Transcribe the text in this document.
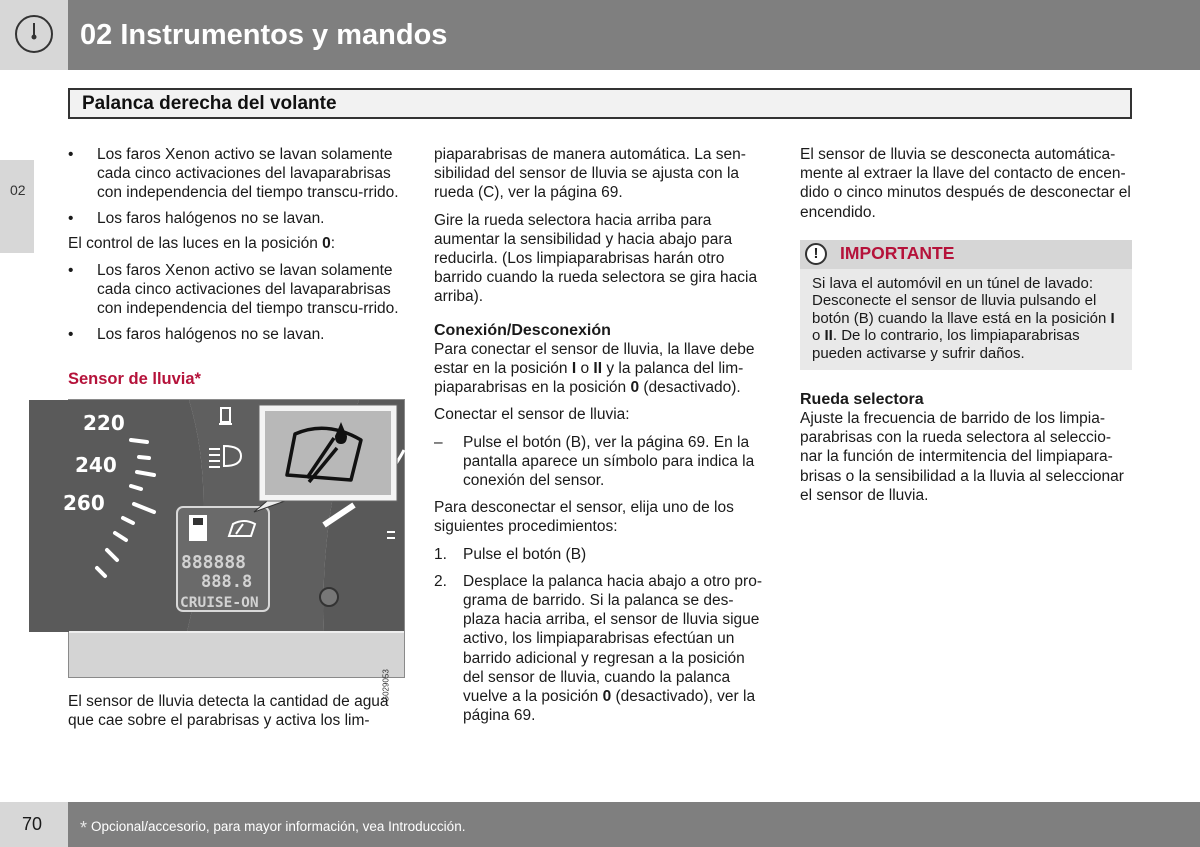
02 Instrumentos y mandos
Palanca derecha del volante
02
• Los faros Xenon activo se lavan solamente cada cinco activaciones del lavaparabrisas con independencia del tiempo transcu-rrido.
• Los faros halógenos no se lavan.

El control de las luces en la posición 0:

• Los faros Xenon activo se lavan solamente cada cinco activaciones del lavaparabrisas con independencia del tiempo transcu-rrido.
• Los faros halógenos no se lavan.
Sensor de lluvia*
220
240
260
888888
888.8
CRUISE-ON
G029053

El sensor de lluvia detecta la cantidad de agua que cae sobre el parabrisas y activa los lim-

piaparabrisas de manera automática. La sen-sibilidad del sensor de lluvia se ajusta con la rueda (C), ver la página 69.

Gire la rueda selectora hacia arriba para aumentar la sensibilidad y hacia abajo para reducirla. (Los limpiaparabrisas harán otro barrido cuando la rueda selectora se gira hacia arriba).

Conexión/Desconexión

Para conectar el sensor de lluvia, la llave debe estar en la posición I o II y la palanca del lim-piaparabrisas en la posición 0 (desactivado).

Conectar el sensor de lluvia:

– Pulse el botón (B), ver la página 69. En la pantalla aparece un símbolo para indica la conexión del sensor.

Para desconectar el sensor, elija uno de los siguientes procedimientos:

1. Pulse el botón (B)
2. Desplace la palanca hacia abajo a otro pro-grama de barrido. Si la palanca se des-plaza hacia arriba, el sensor de lluvia sigue activo, los limpiaparabrisas efectúan un barrido adicional y regresan a la posición del sensor de lluvia, cuando la palanca vuelve a la posición 0 (desactivado), ver la página 69.

El sensor de lluvia se desconecta automática-mente al extraer la llave del contacto de encen-dido o cinco minutos después de desconectar el encendido.

!	IMPORTANTE
Si lava el automóvil en un túnel de lavado: Desconecte el sensor de lluvia pulsando el botón (B) cuando la llave está en la posición I o II. De lo contrario, los limpiaparabrisas pueden activarse y sufrir daños.
Rueda selectora

Ajuste la frecuencia de barrido de los limpia-parabrisas con la rueda selectora al seleccio-nar la función de intermitencia del limpiapara-brisas o la sensibilidad a la lluvia al seleccionar el sensor de lluvia.

70 * Opcional/accesorio, para mayor información, vea Introducción.
